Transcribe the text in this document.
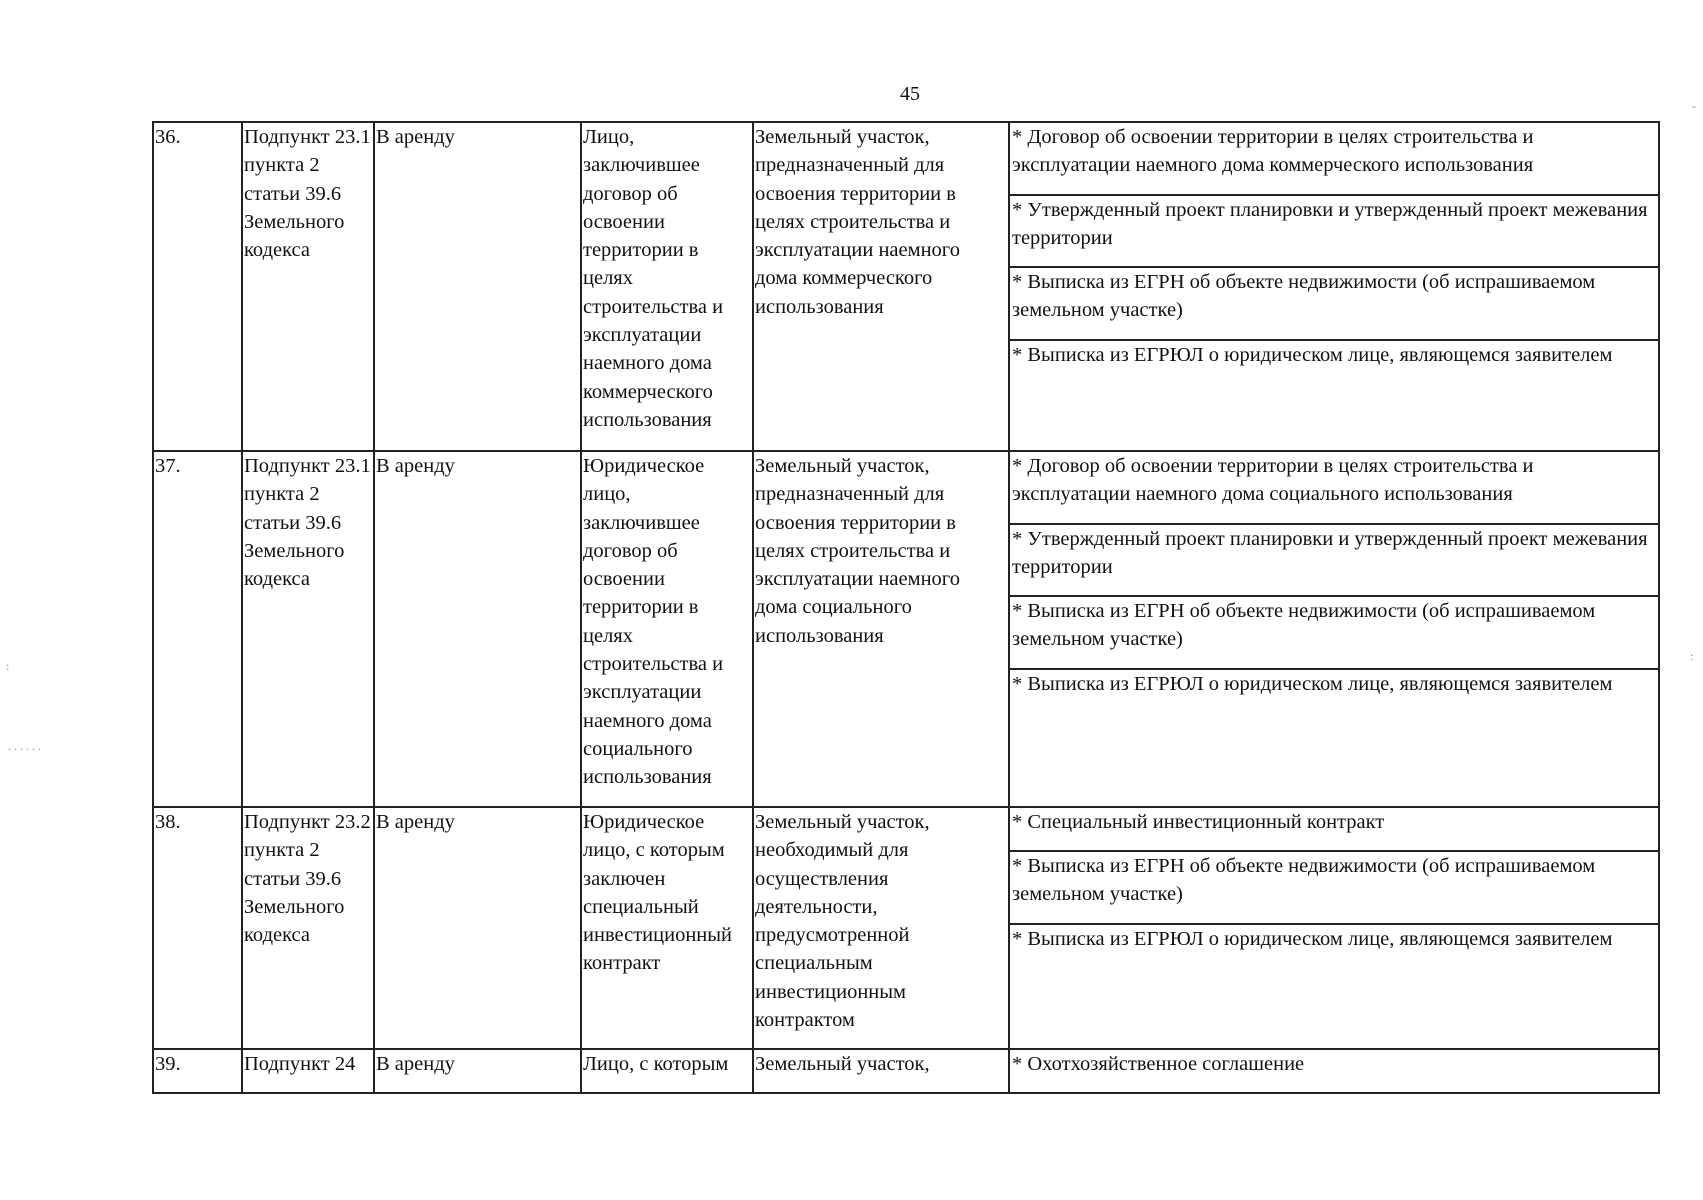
45
36.	Подпункт 23.1 пункта 2 статьи 39.6 Земельного кодекса	В аренду	Лицо, заключившее договор об освоении территории в целях строительства и эксплуатации наемного дома коммерческого использования	Земельный участок, предназначенный для освоения территории в целях строительства и эксплуатации наемного дома коммерческого использования	* Договор об освоении территории в целях строительства и эксплуатации наемного дома коммерческого использования
* Утвержденный проект планировки и утвержденный проект межевания территории
* Выписка из ЕГРН об объекте недвижимости (об испрашиваемом земельном участке)
* Выписка из ЕГРЮЛ о юридическом лице, являющемся заявителем

37.	Подпункт 23.1 пункта 2 статьи 39.6 Земельного кодекса	В аренду	Юридическое лицо, заключившее договор об освоении территории в целях строительства и эксплуатации наемного дома социального использования	Земельный участок, предназначенный для освоения территории в целях строительства и эксплуатации наемного дома социального использования	* Договор об освоении территории в целях строительства и эксплуатации наемного дома социального использования
* Утвержденный проект планировки и утвержденный проект межевания территории
* Выписка из ЕГРН об объекте недвижимости (об испрашиваемом земельном участке)
* Выписка из ЕГРЮЛ о юридическом лице, являющемся заявителем

38.	Подпункт 23.2 пункта 2 статьи 39.6 Земельного кодекса	В аренду	Юридическое лицо, с которым заключен специальный инвестиционный контракт	Земельный участок, необходимый для осуществления деятельности, предусмотренной специальным инвестиционным контрактом	* Специальный инвестиционный контракт
* Выписка из ЕГРН об объекте недвижимости (об испрашиваемом земельном участке)
* Выписка из ЕГРЮЛ о юридическом лице, являющемся заявителем

39.	Подпункт 24	В аренду	Лицо, с которым	Земельный участок,	* Охотхозяйственное соглашение
. . . . . .
:
:
-
